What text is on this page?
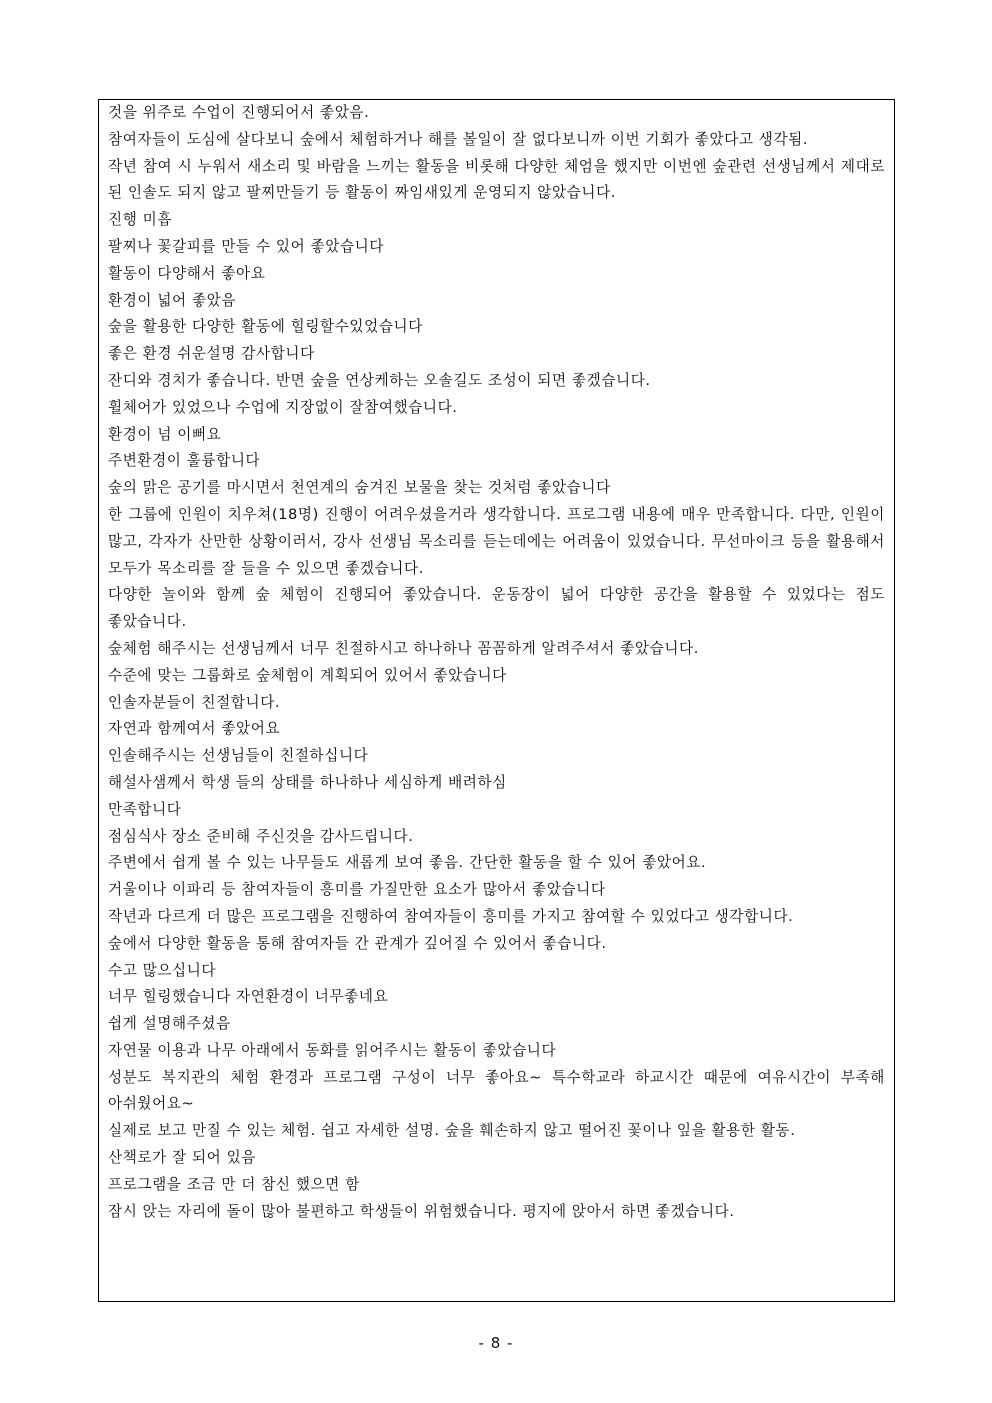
것을 위주로 수업이 진행되어서 좋았음.

참여자들이 도심에 살다보니 숲에서 체험하거나 해를 볼일이 잘 없다보니까 이번 기회가 좋았다고 생각됨.

작년 참여 시 누워서 새소리 및 바람을 느끼는 활동을 비롯해 다양한 체엄을 했지만 이번엔 숲관련 선생님께서 제대로 된 인솔도 되지 않고 팔찌만들기 등 활동이 짜임새있게 운영되지 않았습니다.

진행 미흡

팔찌나 꽃갈피를 만들 수 있어 좋았습니다

활동이 다양해서 좋아요

환경이 넓어 좋았음

숲을 활용한 다양한 활동에 힐링할수있었습니다

좋은 환경 쉬운설명 감사합니다

잔디와 경치가 좋습니다. 반면 숲을 연상케하는 오솔길도 조성이 되면 좋겠습니다.

휠체어가 있었으나 수업에 지장없이 잘참여했습니다.

환경이 넘 이뻐요

주변환경이 훌륭합니다

숲의 맑은 공기를 마시면서 천연계의 숨겨진 보물을 찾는 것처럼 좋았습니다

한 그룹에 인원이 치우쳐(18명) 진행이 어려우셨을거라 생각합니다. 프로그램 내용에 매우 만족합니다. 다만, 인원이 많고, 각자가 산만한 상황이러서, 강사 선생님 목소리를 듣는데에는 어려움이 있었습니다. 무선마이크 등을 활용해서 모두가 목소리를 잘 들을 수 있으면 좋겠습니다.

다양한 놀이와 함께 숲 체험이 진행되어 좋았습니다. 운동장이 넓어 다양한 공간을 활용할 수 있었다는 점도 좋았습니다.

숲체험 해주시는 선생님께서 너무 친절하시고 하나하나 꼼꼼하게 알려주셔서 좋았습니다.

수준에 맞는 그룹화로 숲체험이 계획되어 있어서 좋았습니다

인솔자분들이 친절합니다.

자연과 함께여서 좋았어요

인솔해주시는 선생님들이 친절하십니다

해설사샘께서 학생 들의 상태를 하나하나 세심하게 배려하심

만족합니다

점심식사 장소 준비해 주신것을 감사드립니다.

주변에서 쉽게 볼 수 있는 나무들도 새롭게 보여 좋음. 간단한 활동을 할 수 있어 좋았어요.

거울이나 이파리 등 참여자들이 흥미를 가질만한 요소가 많아서 좋았습니다

작년과 다르게 더 많은 프로그램을 진행하여 참여자들이 흥미를 가지고 참여할 수 있었다고 생각합니다.

숲에서 다양한 활동을 통해 참여자들 간 관계가 깊어질 수 있어서 좋습니다.

수고 많으십니다

너무 힐링했습니다 자연환경이 너무좋네요

쉽게 설명해주셨음

자연물 이용과 나무 아래에서 동화를 읽어주시는 활동이 좋았습니다

성분도 복지관의 체험 환경과 프로그램 구성이 너무 좋아요~ 특수학교라 하교시간 때문에 여유시간이 부족해 아쉬웠어요~

실제로 보고 만질 수 있는 체험. 쉽고 자세한 설명. 숲을 훼손하지 않고 떨어진 꽃이나 잎을 활용한 활동.

산책로가 잘 되어 있음

프로그램을 조금 만 더 참신 했으면 함

잠시 앉는 자리에 돌이 많아 불편하고 학생들이 위험했습니다. 평지에 앉아서 하면 좋겠습니다.

- 8 -
